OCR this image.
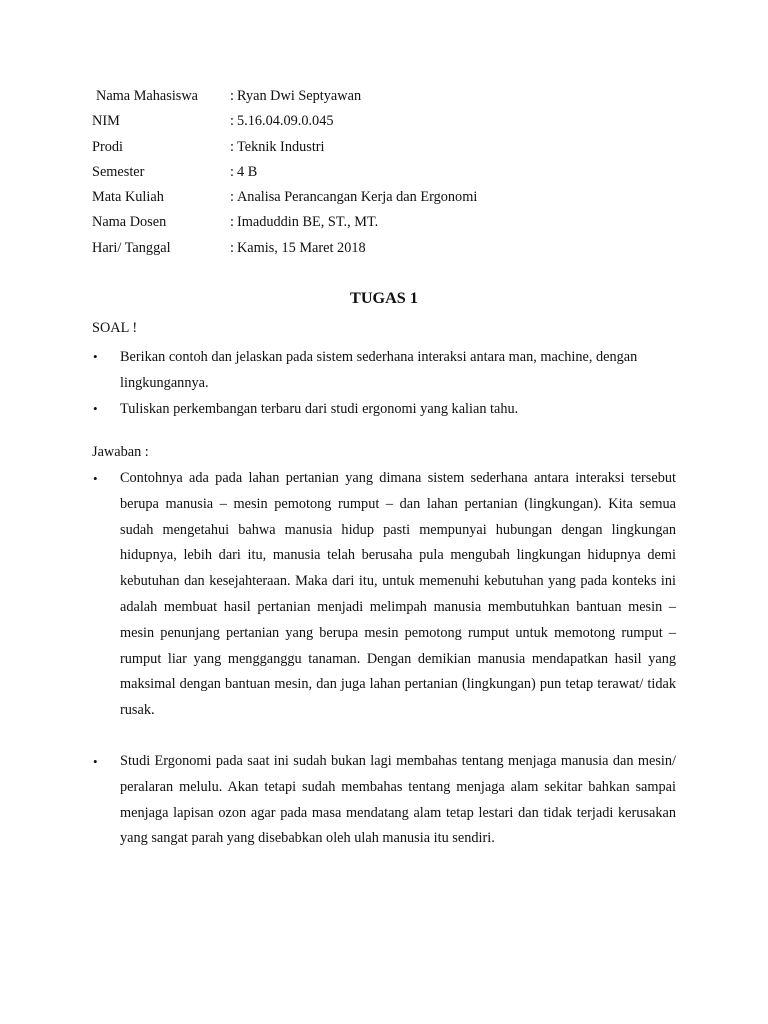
Nama Mahasiswa	: Ryan Dwi Septyawan
NIM	: 5.16.04.09.0.045
Prodi	: Teknik Industri
Semester	: 4 B
Mata Kuliah	: Analisa Perancangan Kerja dan Ergonomi
Nama Dosen	: Imaduddin BE, ST., MT.
Hari/ Tanggal	: Kamis, 15 Maret 2018
TUGAS 1
SOAL !
• Berikan contoh dan jelaskan pada sistem sederhana interaksi antara man, machine, dengan lingkungannya.
• Tuliskan perkembangan terbaru dari studi ergonomi yang kalian tahu.
Jawaban :
• Contohnya ada pada lahan pertanian yang dimana sistem sederhana antara interaksi tersebut berupa manusia – mesin pemotong rumput – dan lahan pertanian (lingkungan). Kita semua sudah mengetahui bahwa manusia hidup pasti mempunyai hubungan dengan lingkungan hidupnya, lebih dari itu, manusia telah berusaha pula mengubah lingkungan hidupnya demi kebutuhan dan kesejahteraan. Maka dari itu, untuk memenuhi kebutuhan yang pada konteks ini adalah membuat hasil pertanian menjadi melimpah manusia membutuhkan bantuan mesin – mesin penunjang pertanian yang berupa mesin pemotong rumput untuk memotong rumput – rumput liar yang mengganggu tanaman. Dengan demikian manusia mendapatkan hasil yang maksimal dengan bantuan mesin, dan juga lahan pertanian (lingkungan) pun tetap terawat/ tidak rusak.
• Studi Ergonomi pada saat ini sudah bukan lagi membahas tentang menjaga manusia dan mesin/ peralaran melulu. Akan tetapi sudah membahas tentang menjaga alam sekitar bahkan sampai menjaga lapisan ozon agar pada masa mendatang alam tetap lestari dan tidak terjadi kerusakan yang sangat parah yang disebabkan oleh ulah manusia itu sendiri.
